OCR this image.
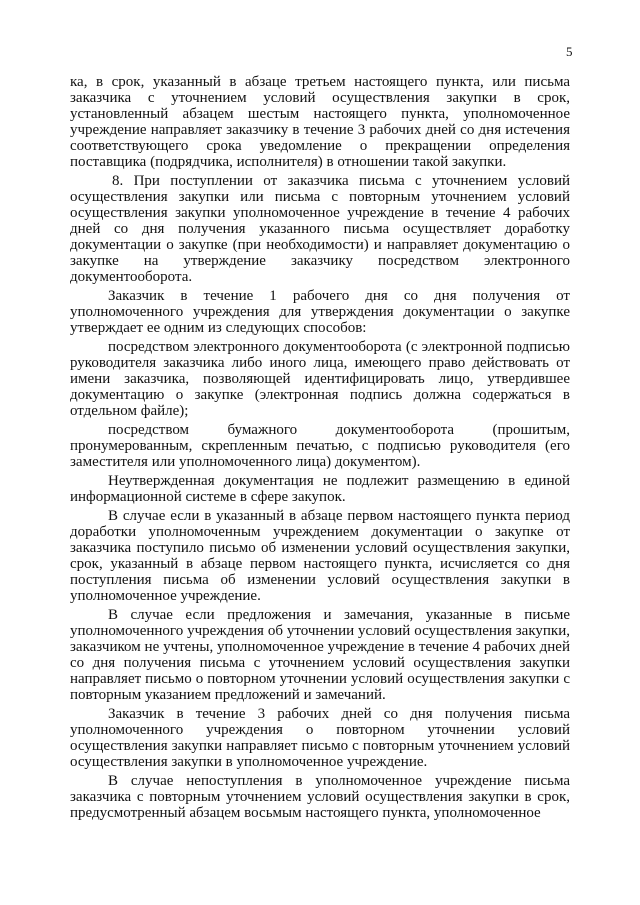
5

ка, в срок, указанный в абзаце третьем настоящего пункта, или письма заказчика с уточнением условий осуществления закупки в срок, установленный абзацем шестым настоящего пункта, уполномоченное учреждение направляет заказчику в течение 3 рабочих дней со дня истечения соответствующего срока уведомление о прекращении определения поставщика (подрядчика, исполнителя) в отношении такой закупки.

8. При поступлении от заказчика письма с уточнением условий осуществления закупки или письма с повторным уточнением условий осуществления закупки уполномоченное учреждение в течение 4 рабочих дней со дня получения указанного письма осуществляет доработку документации о закупке (при необходимости) и направляет документацию о закупке на утверждение заказчику посредством электронного документооборота.

Заказчик в течение 1 рабочего дня со дня получения от уполномоченного учреждения для утверждения документации о закупке утверждает ее одним из следующих способов:

посредством электронного документооборота (с электронной подписью руководителя заказчика либо иного лица, имеющего право действовать от имени заказчика, позволяющей идентифицировать лицо, утвердившее документацию о закупке (электронная подпись должна содержаться в отдельном файле);

посредством бумажного документооборота (прошитым, пронумерованным, скрепленным печатью, с подписью руководителя (его заместителя или уполномоченного лица) документом).

Неутвержденная документация не подлежит размещению в единой информационной системе в сфере закупок.

В случае если в указанный в абзаце первом настоящего пункта период доработки уполномоченным учреждением документации о закупке от заказчика поступило письмо об изменении условий осуществления закупки, срок, указанный в абзаце первом настоящего пункта, исчисляется со дня поступления письма об изменении условий осуществления закупки в уполномоченное учреждение.

В случае если предложения и замечания, указанные в письме уполномоченного учреждения об уточнении условий осуществления закупки, заказчиком не учтены, уполномоченное учреждение в течение 4 рабочих дней со дня получения письма с уточнением условий осуществления закупки направляет письмо о повторном уточнении условий осуществления закупки с повторным указанием предложений и замечаний.

Заказчик в течение 3 рабочих дней со дня получения письма уполномоченного учреждения о повторном уточнении условий осуществления закупки направляет письмо с повторным уточнением условий осуществления закупки в уполномоченное учреждение.

В случае непоступления в уполномоченное учреждение письма заказчика с повторным уточнением условий осуществления закупки в срок, предусмотренный абзацем восьмым настоящего пункта, уполномоченное
